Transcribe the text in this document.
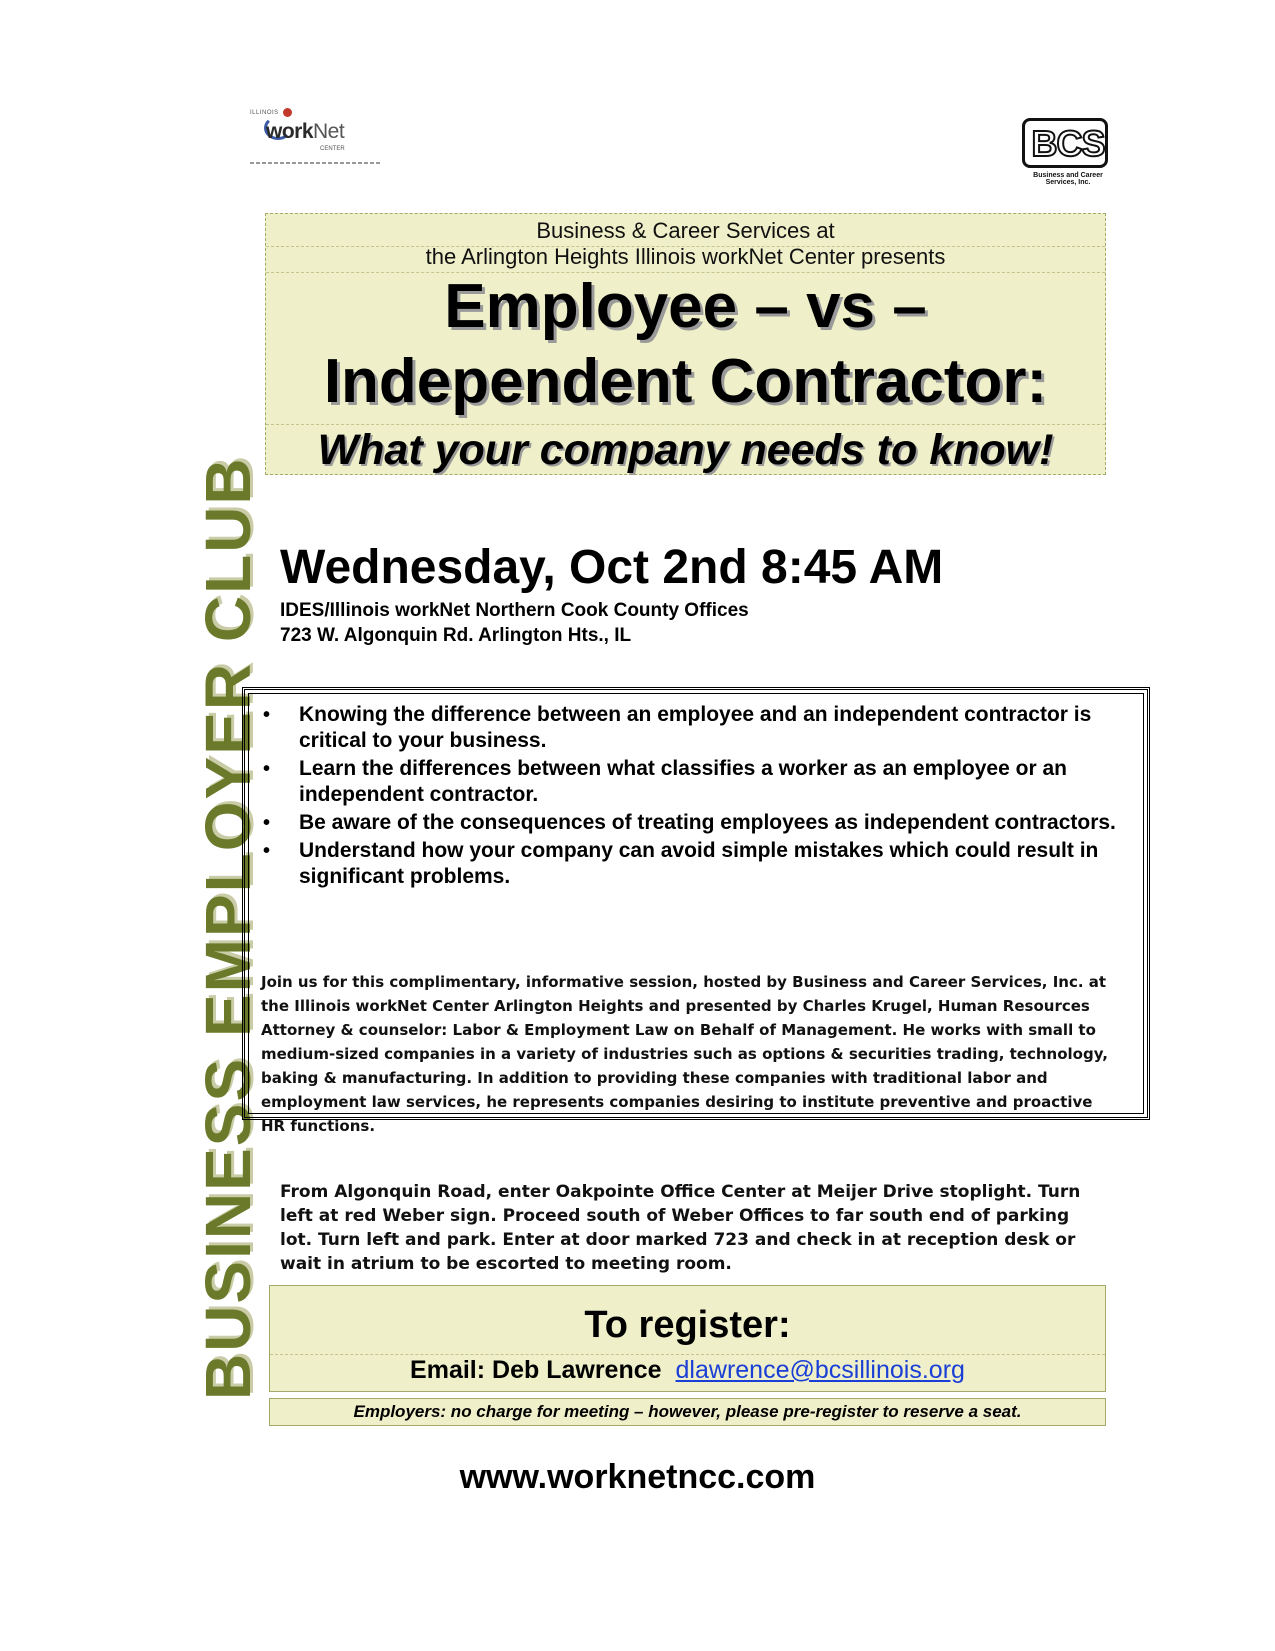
ILLINOIS
workNet
CENTER	BCS
Business and Career Services, Inc.
BUSINESS EMPLOYER CLUB
Business & Career Services at
the Arlington Heights Illinois workNet Center presents
Employee – vs –
Independent Contractor:
What your company needs to know!
Wednesday, Oct 2nd 8:45 AM
IDES/Illinois workNet Northern Cook County Offices
723 W. Algonquin Rd. Arlington Hts., IL
• Knowing the difference between an employee and an independent contractor is critical to your business.
• Learn the differences between what classifies a worker as an employee or an independent contractor.
• Be aware of the consequences of treating employees as independent contractors.
• Understand how your company can avoid simple mistakes which could result in significant problems.
Join us for this complimentary, informative session, hosted by Business and Career Services, Inc. at the Illinois workNet Center Arlington Heights and presented by Charles Krugel, Human Resources Attorney & counselor: Labor & Employment Law on Behalf of Management. He works with small to medium-sized companies in a variety of industries such as options & securities trading, technology, baking & manufacturing. In addition to providing these companies with traditional labor and employment law services, he represents companies desiring to institute preventive and proactive HR functions.
From Algonquin Road, enter Oakpointe Office Center at Meijer Drive stoplight. Turn left at red Weber sign. Proceed south of Weber Offices to far south end of parking lot. Turn left and park. Enter at door marked 723 and check in at reception desk or wait in atrium to be escorted to meeting room.
To register:
Email: Deb Lawrence dlawrence@bcsillinois.org
Employers: no charge for meeting – however, please pre-register to reserve a seat.
www.worknetncc.com
